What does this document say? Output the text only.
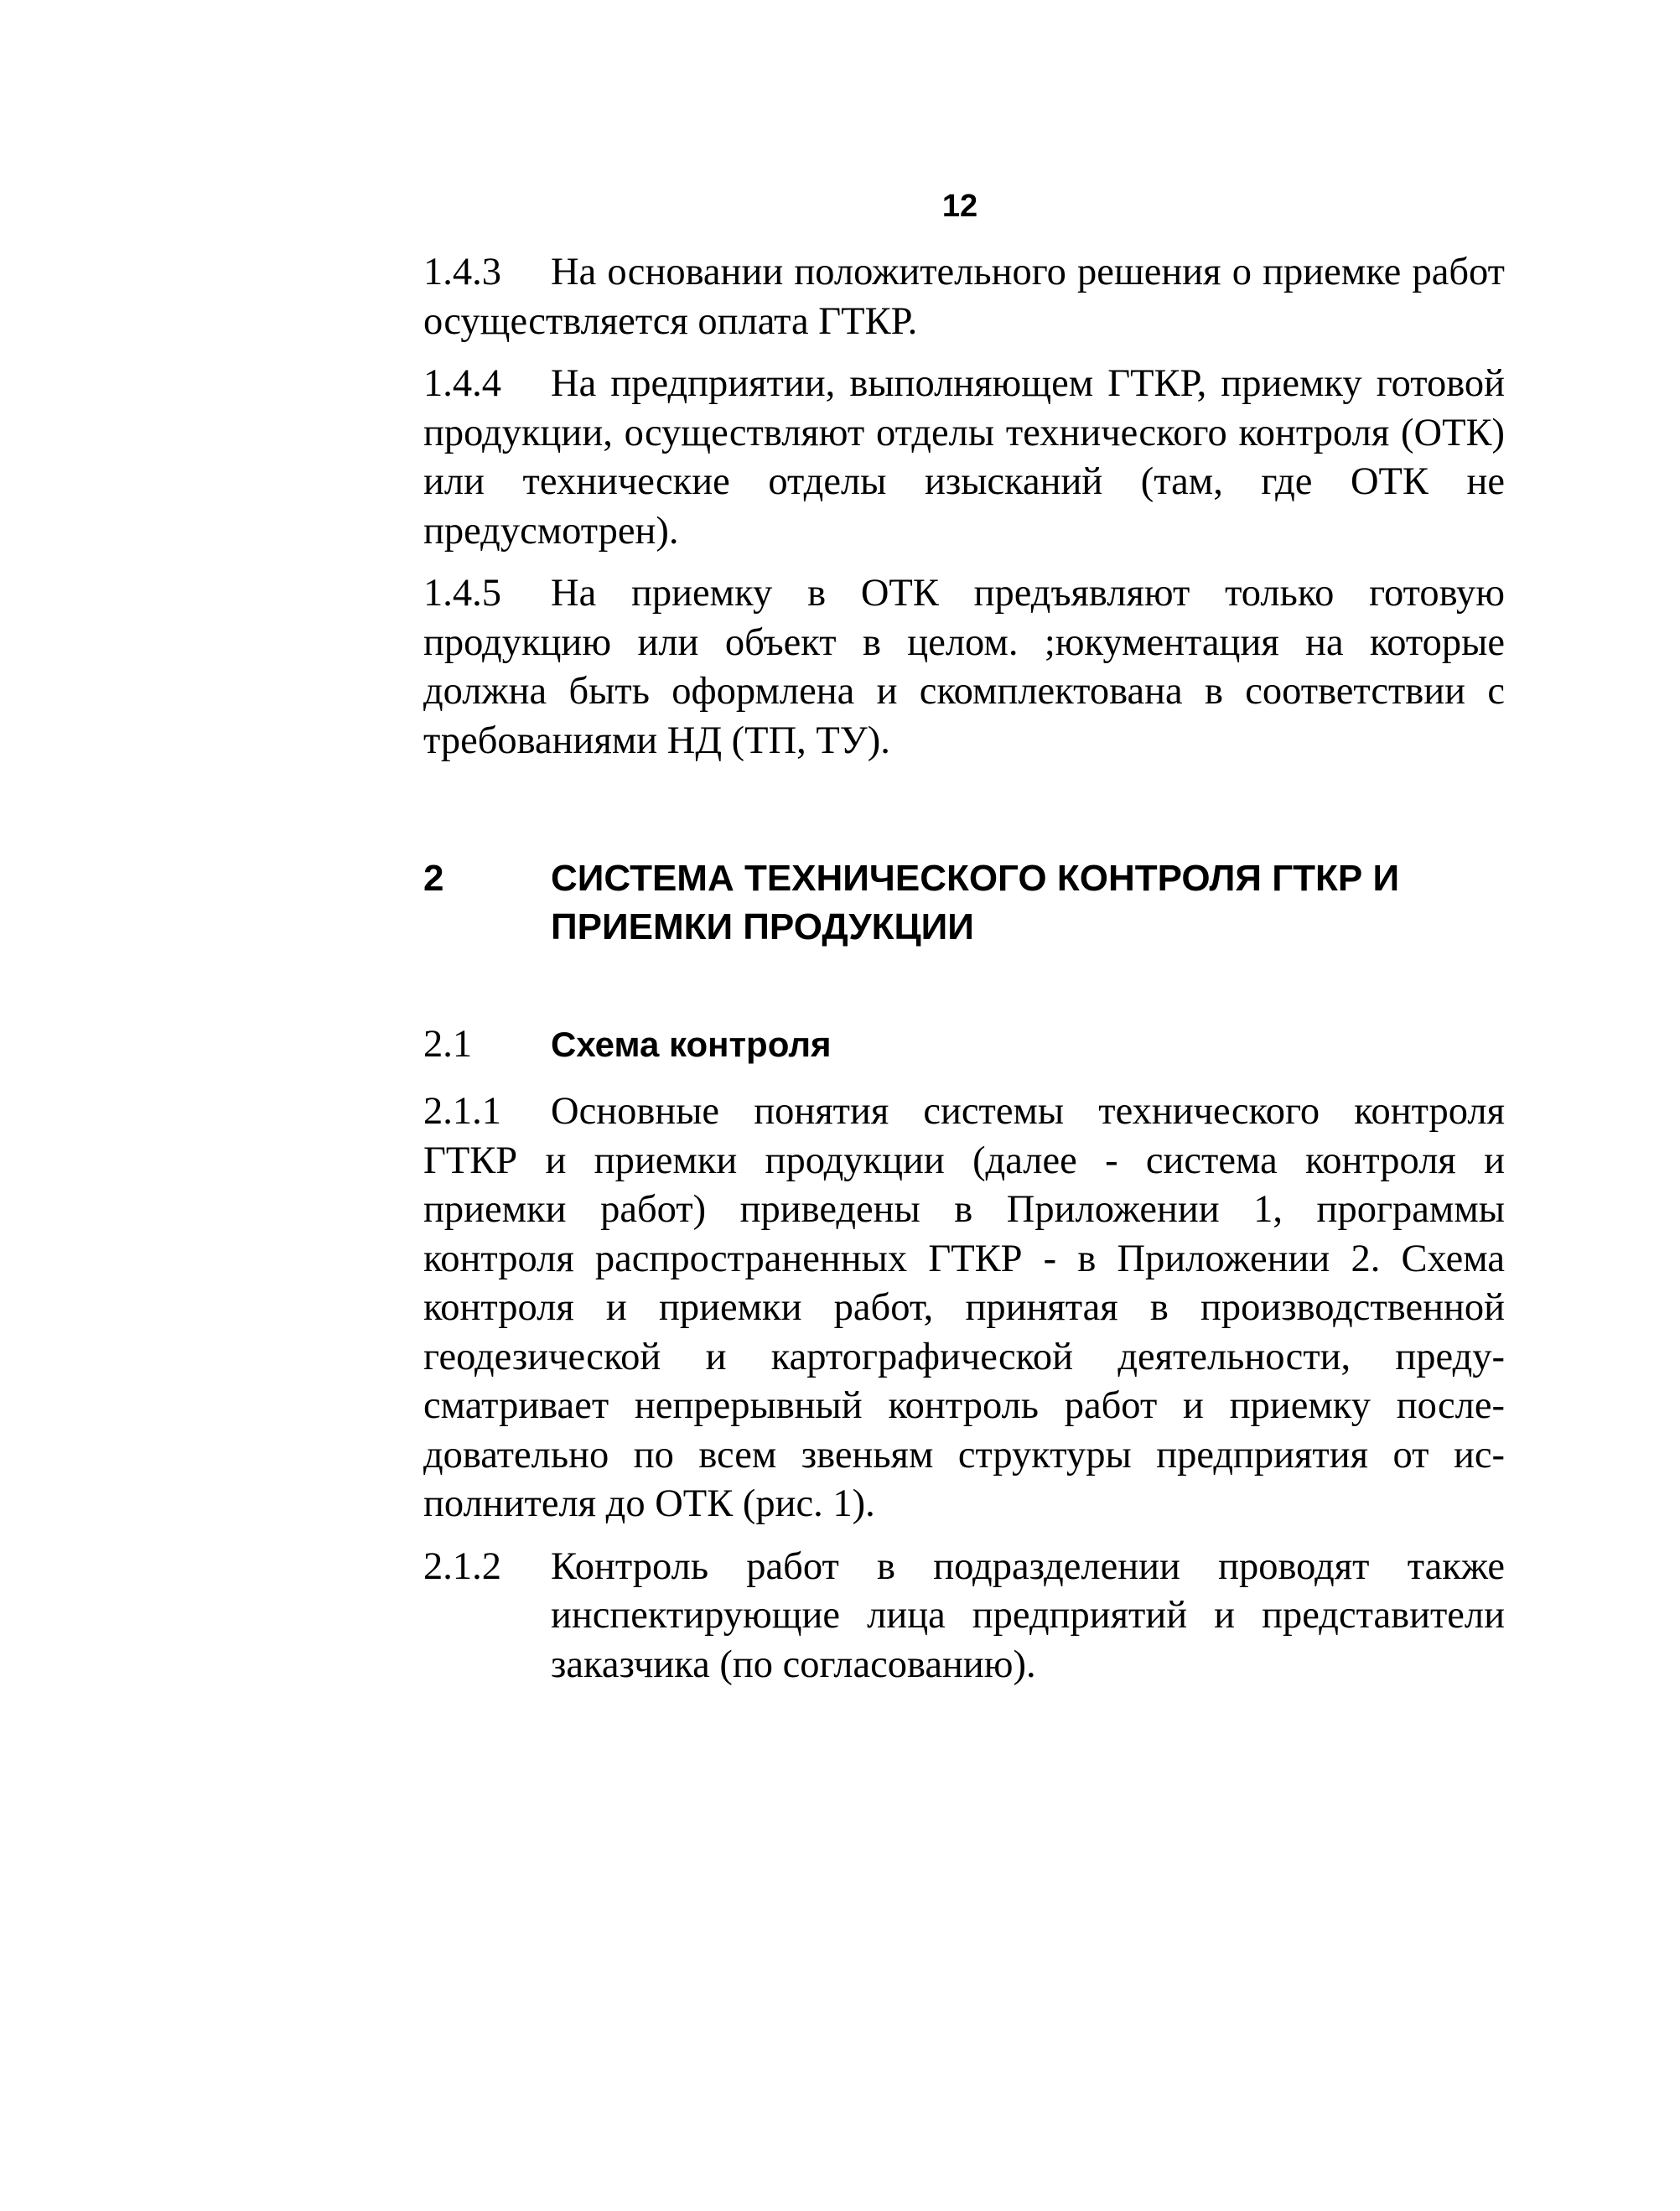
12

1.4.3 На основании положительного решения о приемке работ осуществляется оплата ГТКР.

1.4.4 На предприятии, выполняющем ГТКР, приемку готовой продукции, осуществляют отделы технического контроля (ОТК) или технические отделы изысканий (там, где ОТК не предусмотрен).

1.4.5 На приемку в ОТК предъявляют только готовую продукцию или объект в целом. ;юкументация на которые должна быть оформлена и скомплектована в соответствии с требованиями НД (ТП, ТУ).

2	СИСТЕМА ТЕХНИЧЕСКОГО КОНТРОЛЯ ГТКР И ПРИЕМКИ ПРОДУКЦИИ
2.1	Схема контроля

2.1.1 Основные понятия системы технического контроля ГТКР и приемки продукции (далее - система контроля и приемки работ) приведены в Приложении 1, программы контроля распространенных ГТКР - в Приложении 2. Схема контроля и приемки работ, принятая в производственной геодезической и картографической деятельности, предусматривает непрерывный контроль работ и приемку последовательно по всем звеньям структуры предприятия от исполнителя до ОТК (рис. 1).

2.1.2	Контроль работ в подразделении проводят также инспектирующие лица предприятий и представители заказчика (по согласованию).
